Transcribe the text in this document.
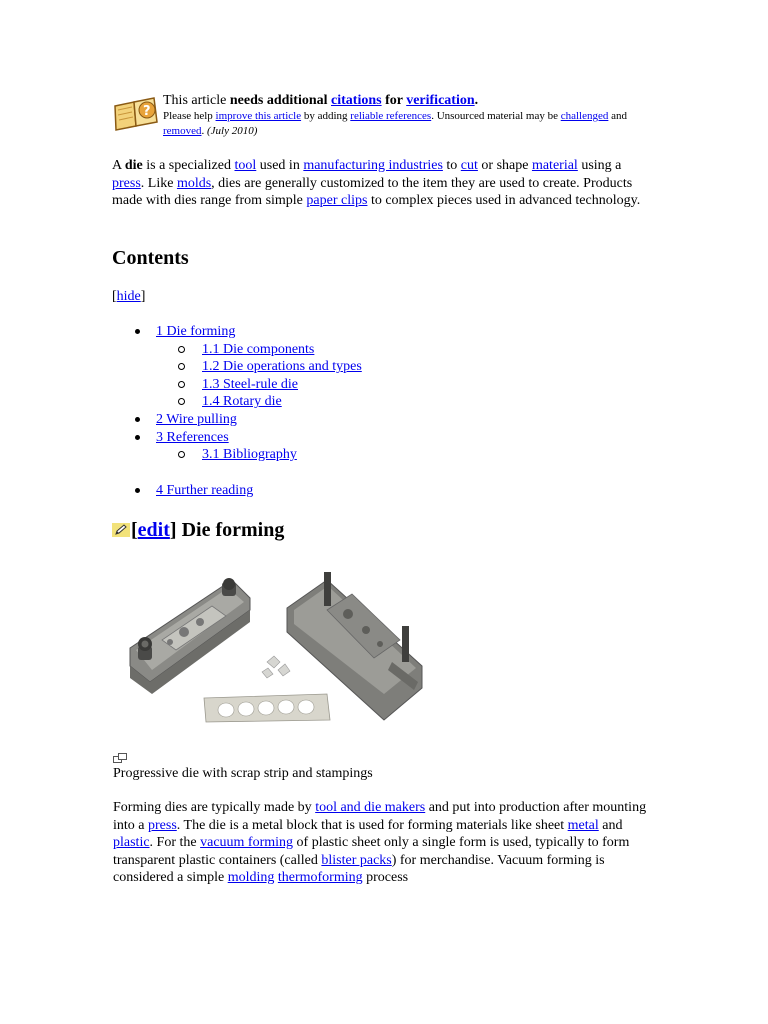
?
This article needs additional citations for verification.
Please help improve this article by adding reliable references. Unsourced material may be challenged and removed. (July 2010)

A die is a specialized tool used in manufacturing industries to cut or shape material using a press. Like molds, dies are generally customized to the item they are used to create. Products made with dies range from simple paper clips to complex pieces used in advanced technology.

Contents
[hide]
1 Die forming
1.1 Die components
1.2 Die operations and types
1.3 Steel-rule die
1.4 Rotary die
2 Wire pulling
3 References
3.1 Bibliography
4 Further reading
[edit] Die forming
Progressive die with scrap strip and stampings

Forming dies are typically made by tool and die makers and put into production after mounting into a press. The die is a metal block that is used for forming materials like sheet metal and plastic. For the vacuum forming of plastic sheet only a single form is used, typically to form transparent plastic containers (called blister packs) for merchandise. Vacuum forming is considered a simple molding thermoforming process
